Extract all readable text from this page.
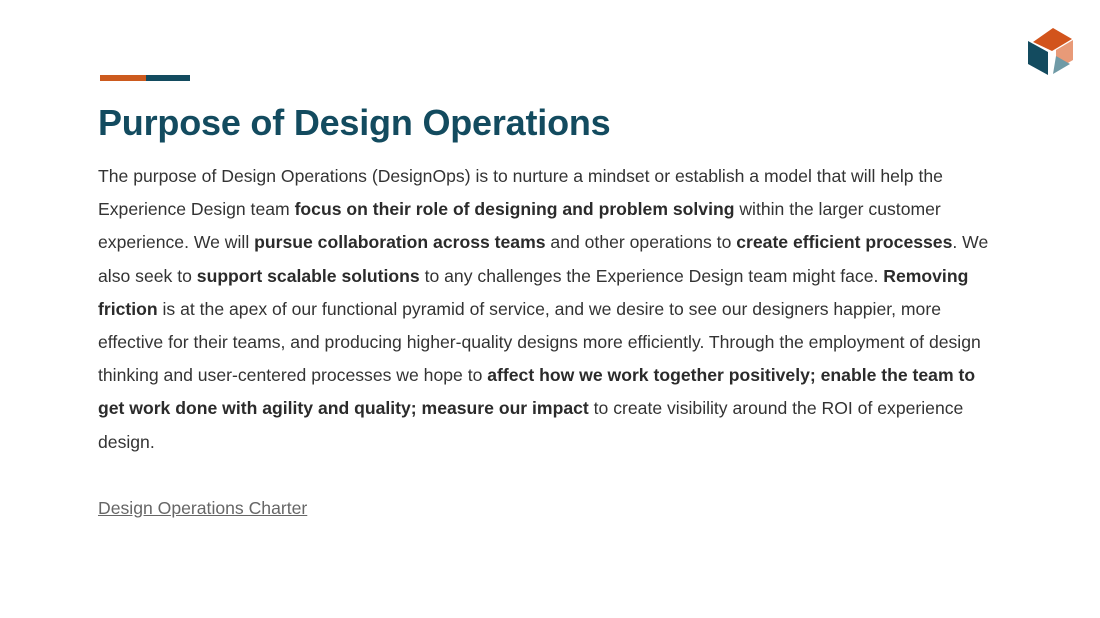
Purpose of Design Operations

The purpose of Design Operations (DesignOps) is to nurture a mindset or establish a model that will help the Experience Design team focus on their role of designing and problem solving within the larger customer experience. We will pursue collaboration across teams and other operations to create efficient processes. We also seek to support scalable solutions to any challenges the Experience Design team might face. Removing friction is at the apex of our functional pyramid of service, and we desire to see our designers happier, more effective for their teams, and producing higher-quality designs more efficiently. Through the employment of design thinking and user-centered processes we hope to affect how we work together positively; enable the team to get work done with agility and quality; measure our impact to create visibility around the ROI of experience design.

Design Operations Charter
